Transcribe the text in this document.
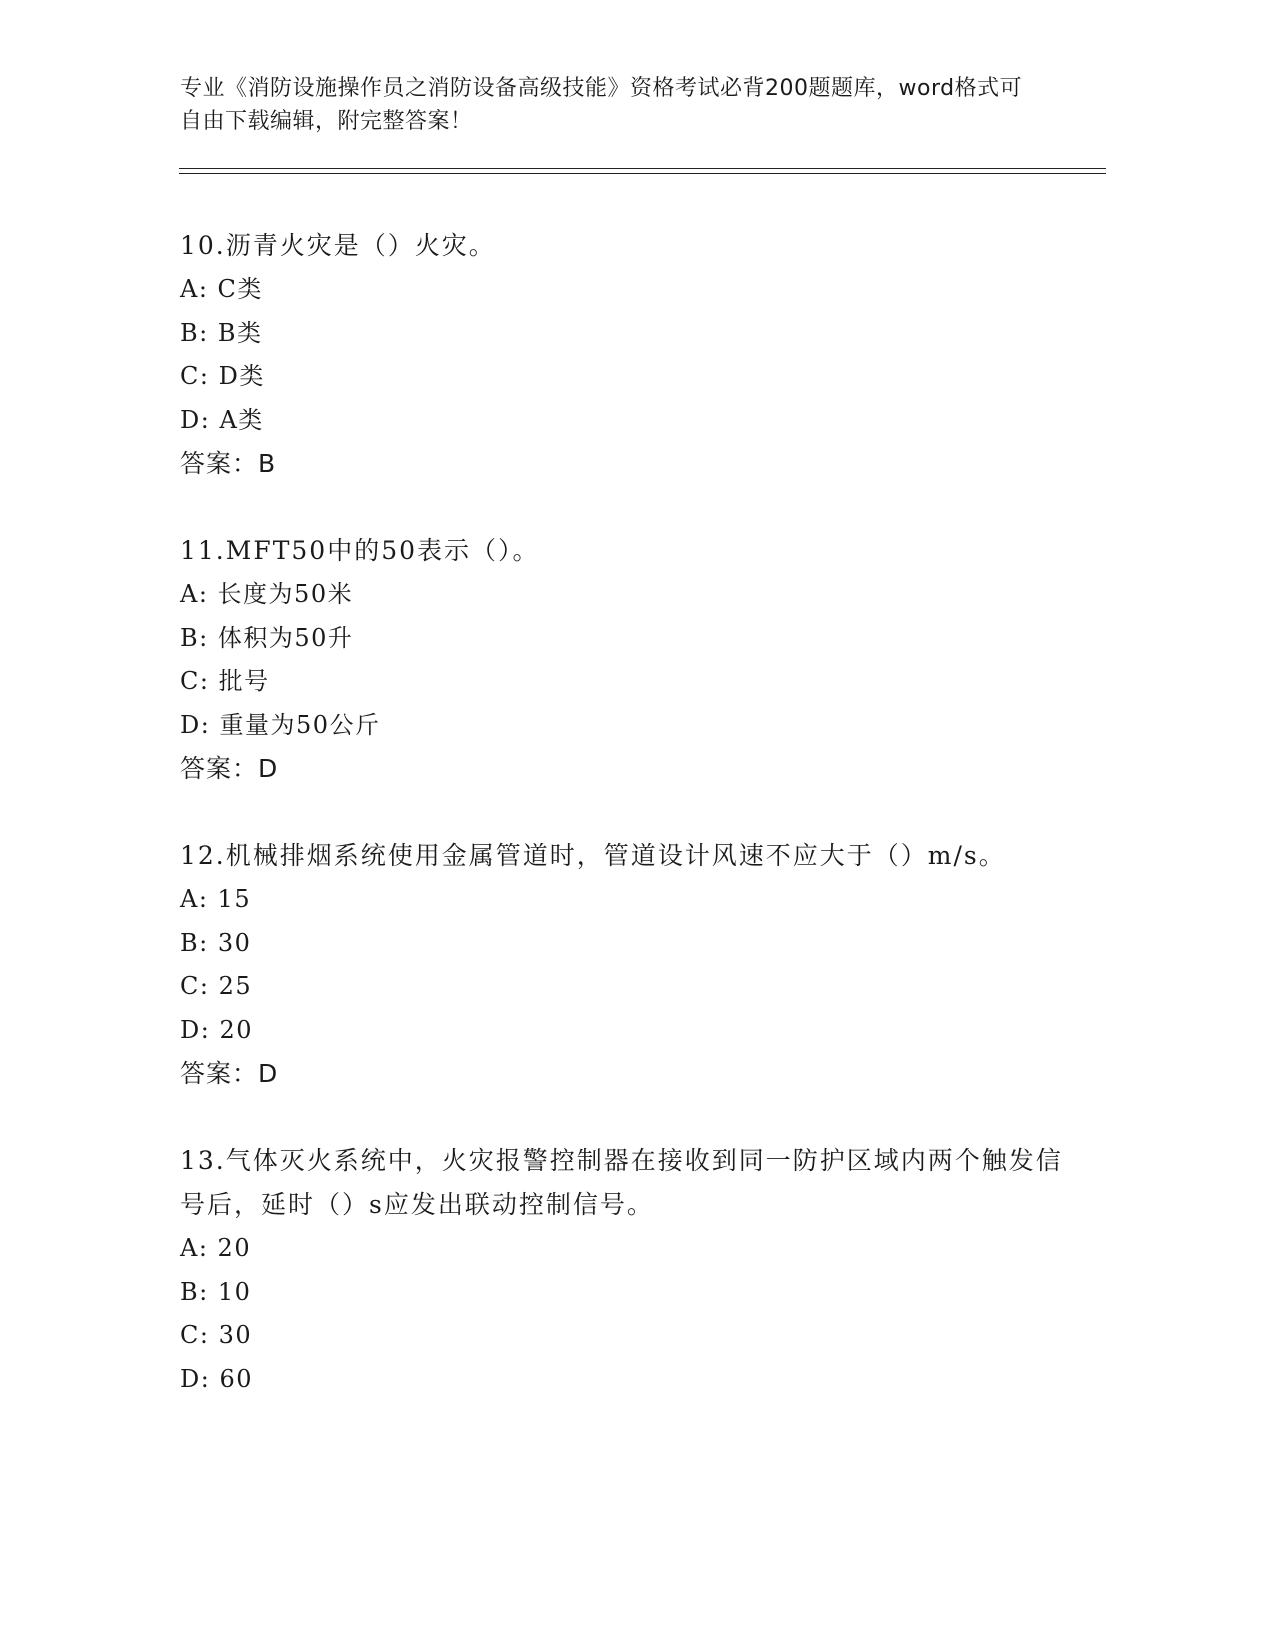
专业《消防设施操作员之消防设备高级技能》资格考试必背200题题库，word格式可自由下载编辑，附完整答案！

10.沥青火灾是（）火灾。

A: C类

B: B类

C: D类

D: A类

答案：B

11.MFT50中的50表示（）。

A: 长度为50米

B: 体积为50升

C: 批号

D: 重量为50公斤

答案：D

12.机械排烟系统使用金属管道时，管道设计风速不应大于（）m/s。

A: 15

B: 30

C: 25

D: 20

答案：D

13.气体灭火系统中，火灾报警控制器在接收到同一防护区域内两个触发信号后，延时（）s应发出联动控制信号。

A: 20

B: 10

C: 30

D: 60
